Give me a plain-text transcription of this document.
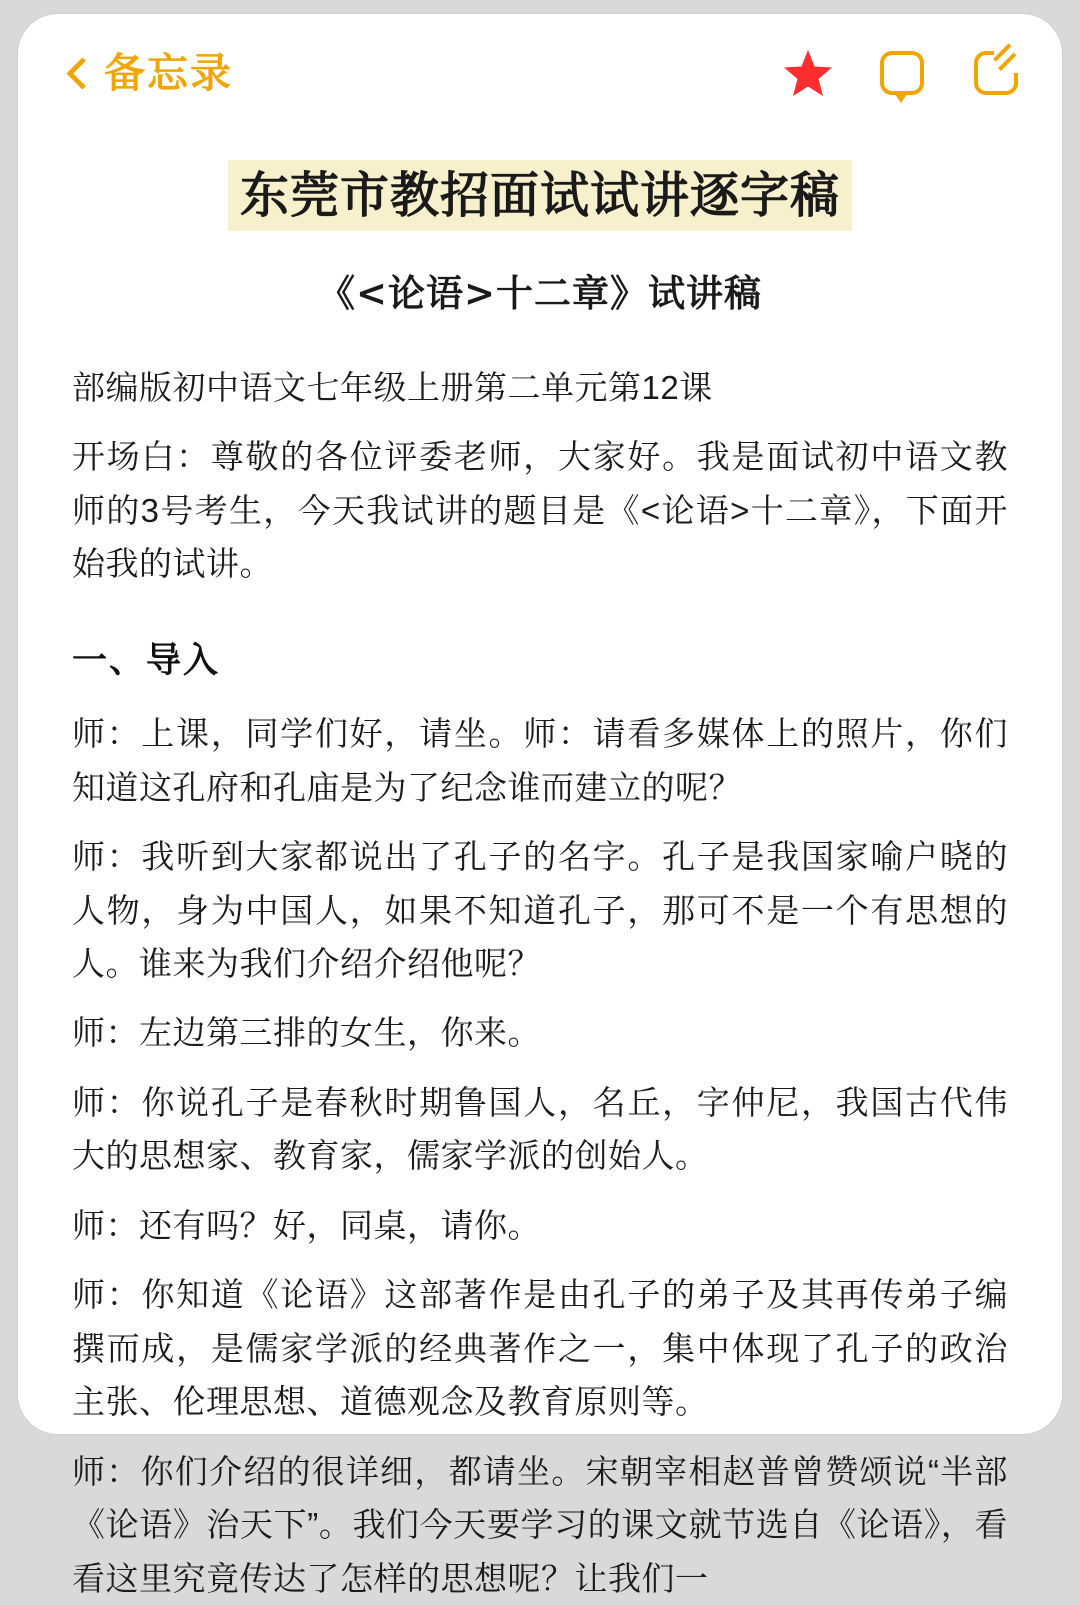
备忘录
东莞市教招面试试讲逐字稿
《<论语>十二章》试讲稿

部编版初中语文七年级上册第二单元第12课

开场白：尊敬的各位评委老师，大家好。我是面试初中语文教师的3号考生，今天我试讲的题目是《<论语>十二章》，下面开始我的试讲。

一、导入

师：上课，同学们好，请坐。师：请看多媒体上的照片，你们知道这孔府和孔庙是为了纪念谁而建立的呢？

师：我听到大家都说出了孔子的名字。孔子是我国家喻户晓的人物，身为中国人，如果不知道孔子，那可不是一个有思想的人。谁来为我们介绍介绍他呢？

师：左边第三排的女生，你来。

师：你说孔子是春秋时期鲁国人，名丘，字仲尼，我国古代伟大的思想家、教育家，儒家学派的创始人。

师：还有吗？好，同桌，请你。

师：你知道《论语》这部著作是由孔子的弟子及其再传弟子编撰而成，是儒家学派的经典著作之一，集中体现了孔子的政治主张、伦理思想、道德观念及教育原则等。

师：你们介绍的很详细，都请坐。宋朝宰相赵普曾赞颂说“半部《论语》治天下”。我们今天要学习的课文就节选自《论语》，看看这里究竟传达了怎样的思想呢？让我们一
